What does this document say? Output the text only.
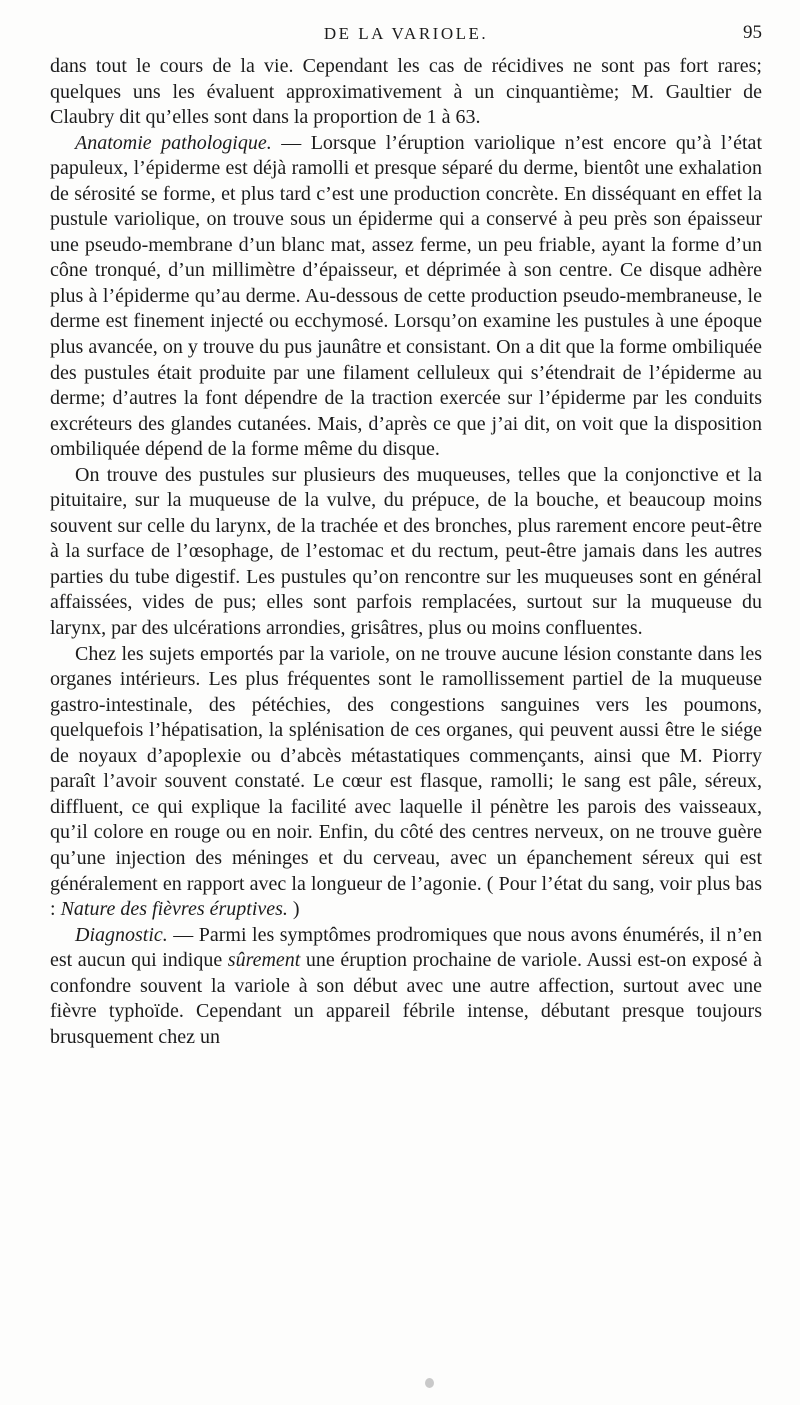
DE LA VARIOLE.	95

dans tout le cours de la vie. Cependant les cas de récidives ne sont pas fort rares; quelques uns les évaluent approximativement à un cinquantième; M. Gaultier de Claubry dit qu’elles sont dans la proportion de 1 à 63.

Anatomie pathologique. — Lorsque l’éruption variolique n’est encore qu’à l’état papuleux, l’épiderme est déjà ramolli et presque séparé du derme, bientôt une exhalation de sérosité se forme, et plus tard c’est une production concrète. En disséquant en effet la pustule variolique, on trouve sous un épiderme qui a conservé à peu près son épaisseur une pseudo-membrane d’un blanc mat, assez ferme, un peu friable, ayant la forme d’un cône tronqué, d’un millimètre d’épaisseur, et déprimée à son centre. Ce disque adhère plus à l’épiderme qu’au derme. Au-dessous de cette production pseudo-membraneuse, le derme est finement injecté ou ecchymosé. Lorsqu’on examine les pustules à une époque plus avancée, on y trouve du pus jaunâtre et consistant. On a dit que la forme ombiliquée des pustules était produite par une filament celluleux qui s’étendrait de l’épiderme au derme; d’autres la font dépendre de la traction exercée sur l’épiderme par les conduits excréteurs des glandes cutanées. Mais, d’après ce que j’ai dit, on voit que la disposition ombiliquée dépend de la forme même du disque.

On trouve des pustules sur plusieurs des muqueuses, telles que la conjonctive et la pituitaire, sur la muqueuse de la vulve, du prépuce, de la bouche, et beaucoup moins souvent sur celle du larynx, de la trachée et des bronches, plus rarement encore peut-être à la surface de l’œsophage, de l’estomac et du rectum, peut-être jamais dans les autres parties du tube digestif. Les pustules qu’on rencontre sur les muqueuses sont en général affaissées, vides de pus; elles sont parfois remplacées, surtout sur la muqueuse du larynx, par des ulcérations arrondies, grisâtres, plus ou moins confluentes.

Chez les sujets emportés par la variole, on ne trouve aucune lésion constante dans les organes intérieurs. Les plus fréquentes sont le ramollissement partiel de la muqueuse gastro-intestinale, des pétéchies, des congestions sanguines vers les poumons, quelquefois l’hépatisation, la splénisation de ces organes, qui peuvent aussi être le siége de noyaux d’apoplexie ou d’abcès métastatiques commençants, ainsi que M. Piorry paraît l’avoir souvent constaté. Le cœur est flasque, ramolli; le sang est pâle, séreux, diffluent, ce qui explique la facilité avec laquelle il pénètre les parois des vaisseaux, qu’il colore en rouge ou en noir. Enfin, du côté des centres nerveux, on ne trouve guère qu’une injection des méninges et du cerveau, avec un épanchement séreux qui est généralement en rapport avec la longueur de l’agonie. ( Pour l’état du sang, voir plus bas : Nature des fièvres éruptives. )

Diagnostic. — Parmi les symptômes prodromiques que nous avons énumérés, il n’en est aucun qui indique sûrement une éruption prochaine de variole. Aussi est-on exposé à confondre souvent la variole à son début avec une autre affection, surtout avec une fièvre typhoïde. Cependant un appareil fébrile intense, débutant presque toujours brusquement chez un
